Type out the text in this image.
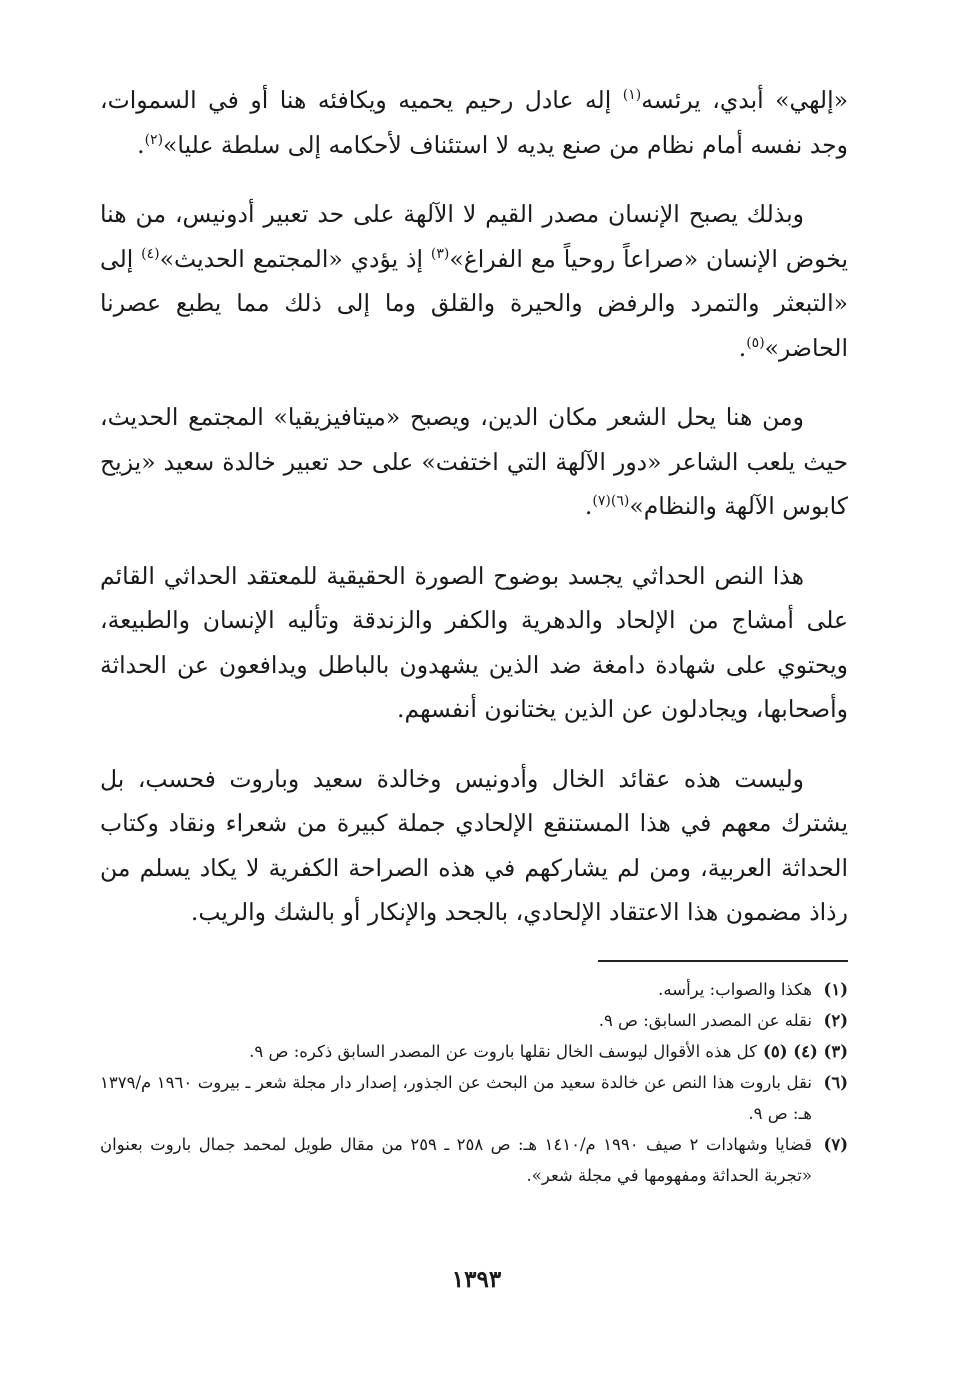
«إلهي» أبدي، يرئسه$^{(١)}$ إله عادل رحيم يحميه ويكافئه هنا أو في السموات، وجد نفسه أمام نظام من صنع يديه لا استئناف لأحكامه إلى سلطة عليا»$^{(٢)}$.

وبذلك يصبح الإنسان مصدر القيم لا الآلهة على حد تعبير أدونيس، من هنا يخوض الإنسان «صراعاً روحياً مع الفراغ»$^{(٣)}$ إذ يؤدي «المجتمع الحديث»$^{(٤)}$ إلى «التبعثر والتمرد والرفض والحيرة والقلق وما إلى ذلك مما يطبع عصرنا الحاضر»$^{(٥)}$.

ومن هنا يحل الشعر مكان الدين، ويصبح «ميتافيزيقيا» المجتمع الحديث، حيث يلعب الشاعر «دور الآلهة التي اختفت» على حد تعبير خالدة سعيد «يزيح كابوس الآلهة والنظام»$^{(٦)(٧)}$.

هذا النص الحداثي يجسد بوضوح الصورة الحقيقية للمعتقد الحداثي القائم على أمشاج من الإلحاد والدهرية والكفر والزندقة وتأليه الإنسان والطبيعة، ويحتوي على شهادة دامغة ضد الذين يشهدون بالباطل ويدافعون عن الحداثة وأصحابها، ويجادلون عن الذين يختانون أنفسهم.

وليست هذه عقائد الخال وأدونيس وخالدة سعيد وباروت فحسب، بل يشترك معهم في هذا المستنقع الإلحادي جملة كبيرة من شعراء ونقاد وكتاب الحداثة العربية، ومن لم يشاركهم في هذه الصراحة الكفرية لا يكاد يسلم من رذاذ مضمون هذا الاعتقاد الإلحادي، بالجحد والإنكار أو بالشك والريب.

(١)
هكذا والصواب: يرأسه.
(٢)
نقله عن المصدر السابق: ص ٩.
(٣) (٤) (٥)
كل هذه الأقوال ليوسف الخال نقلها باروت عن المصدر السابق ذكره: ص ٩.
(٦)
نقل باروت هذا النص عن خالدة سعيد من البحث عن الجذور، إصدار دار مجلة شعر ـ بيروت ١٩٦٠ م/١٣٧٩ هـ: ص ٩.
(٧)
قضايا وشهادات ٢ صيف ١٩٩٠ م/١٤١٠ هـ: ص ٢٥٨ ـ ٢٥٩ من مقال طويل لمحمد جمال باروت بعنوان «تجربة الحداثة ومفهومها في مجلة شعر».
١٣٩٣
